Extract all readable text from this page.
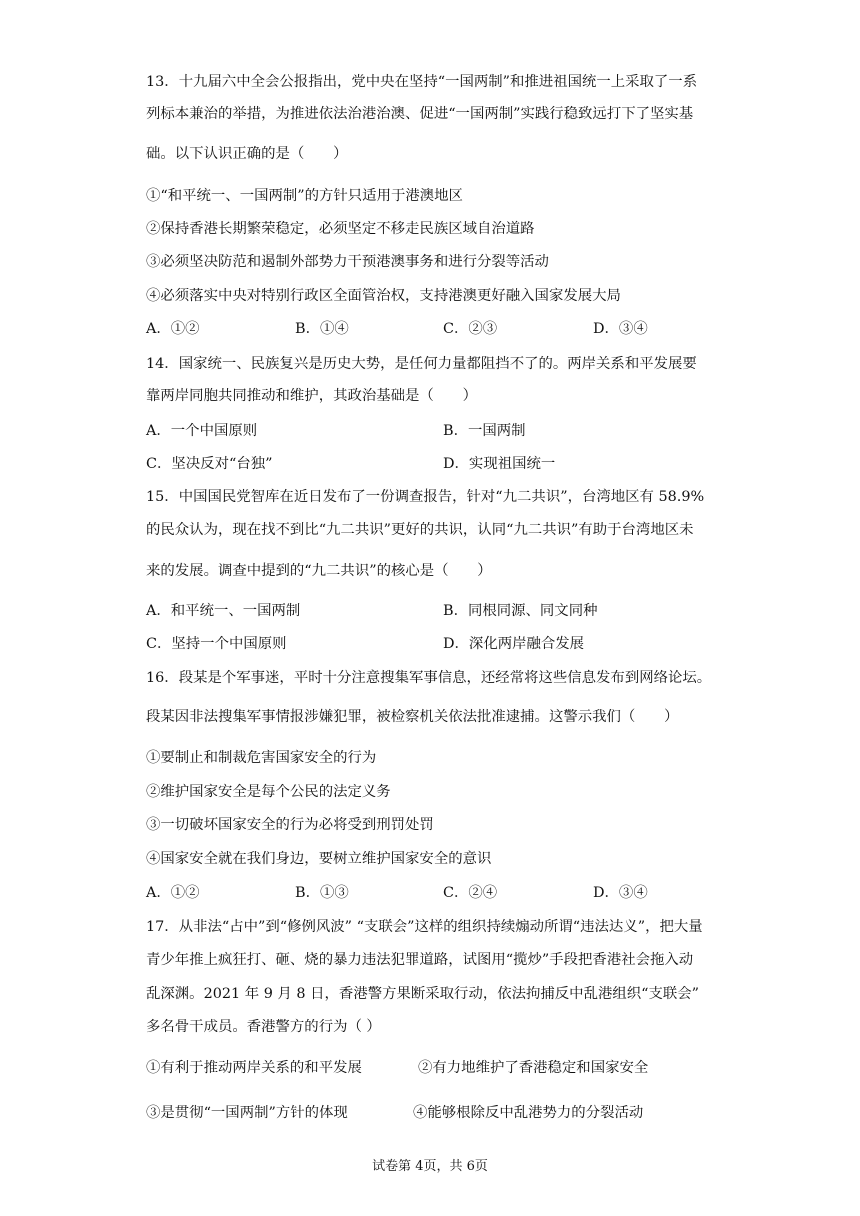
13．十九届六中全会公报指出，党中央在坚持“一国两制”和推进祖国统一上采取了一系

列标本兼治的举措，为推进依法治港治澳、促进“一国两制”实践行稳致远打下了坚实基

础。以下认识正确的是（　　）

①“和平统一、一国两制”的方针只适用于港澳地区

②保持香港长期繁荣稳定，必须坚定不移走民族区域自治道路

③必须坚决防范和遏制外部势力干预港澳事务和进行分裂等活动

④必须落实中央对特别行政区全面管治权，支持港澳更好融入国家发展大局

A．①②	B．①④	C．②③	D．③④

14．国家统一、民族复兴是历史大势，是任何力量都阻挡不了的。两岸关系和平发展要

靠两岸同胞共同推动和维护，其政治基础是（　　）

A．一个中国原则	B．一国两制

C．坚决反对“台独”	D．实现祖国统一

15．中国国民党智库在近日发布了一份调查报告，针对“九二共识”，台湾地区有 58.9%

的民众认为，现在找不到比“九二共识”更好的共识，认同“九二共识”有助于台湾地区未

来的发展。调查中提到的“九二共识”的核心是（　　）

A．和平统一、一国两制	B．同根同源、同文同种

C．坚持一个中国原则	D．深化两岸融合发展

16．段某是个军事迷，平时十分注意搜集军事信息，还经常将这些信息发布到网络论坛。

段某因非法搜集军事情报涉嫌犯罪，被检察机关依法批准逮捕。这警示我们（　　）

①要制止和制裁危害国家安全的行为

②维护国家安全是每个公民的法定义务

③一切破坏国家安全的行为必将受到刑罚处罚

④国家安全就在我们身边，要树立维护国家安全的意识

A．①②	B．①③	C．②④	D．③④

17．从非法“占中”到“修例风波” “支联会”这样的组织持续煽动所谓“违法达义”，把大量

青少年推上疯狂打、砸、烧的暴力违法犯罪道路，试图用“揽炒”手段把香港社会拖入动

乱深渊。2021 年 9 月 8 日，香港警方果断采取行动，依法拘捕反中乱港组织“支联会”

多名骨干成员。香港警方的行为（ ）

①有利于推动两岸关系的和平发展	②有力地维护了香港稳定和国家安全

③是贯彻“一国两制”方针的体现	④能够根除反中乱港势力的分裂活动

试卷第 4页，共 6页
